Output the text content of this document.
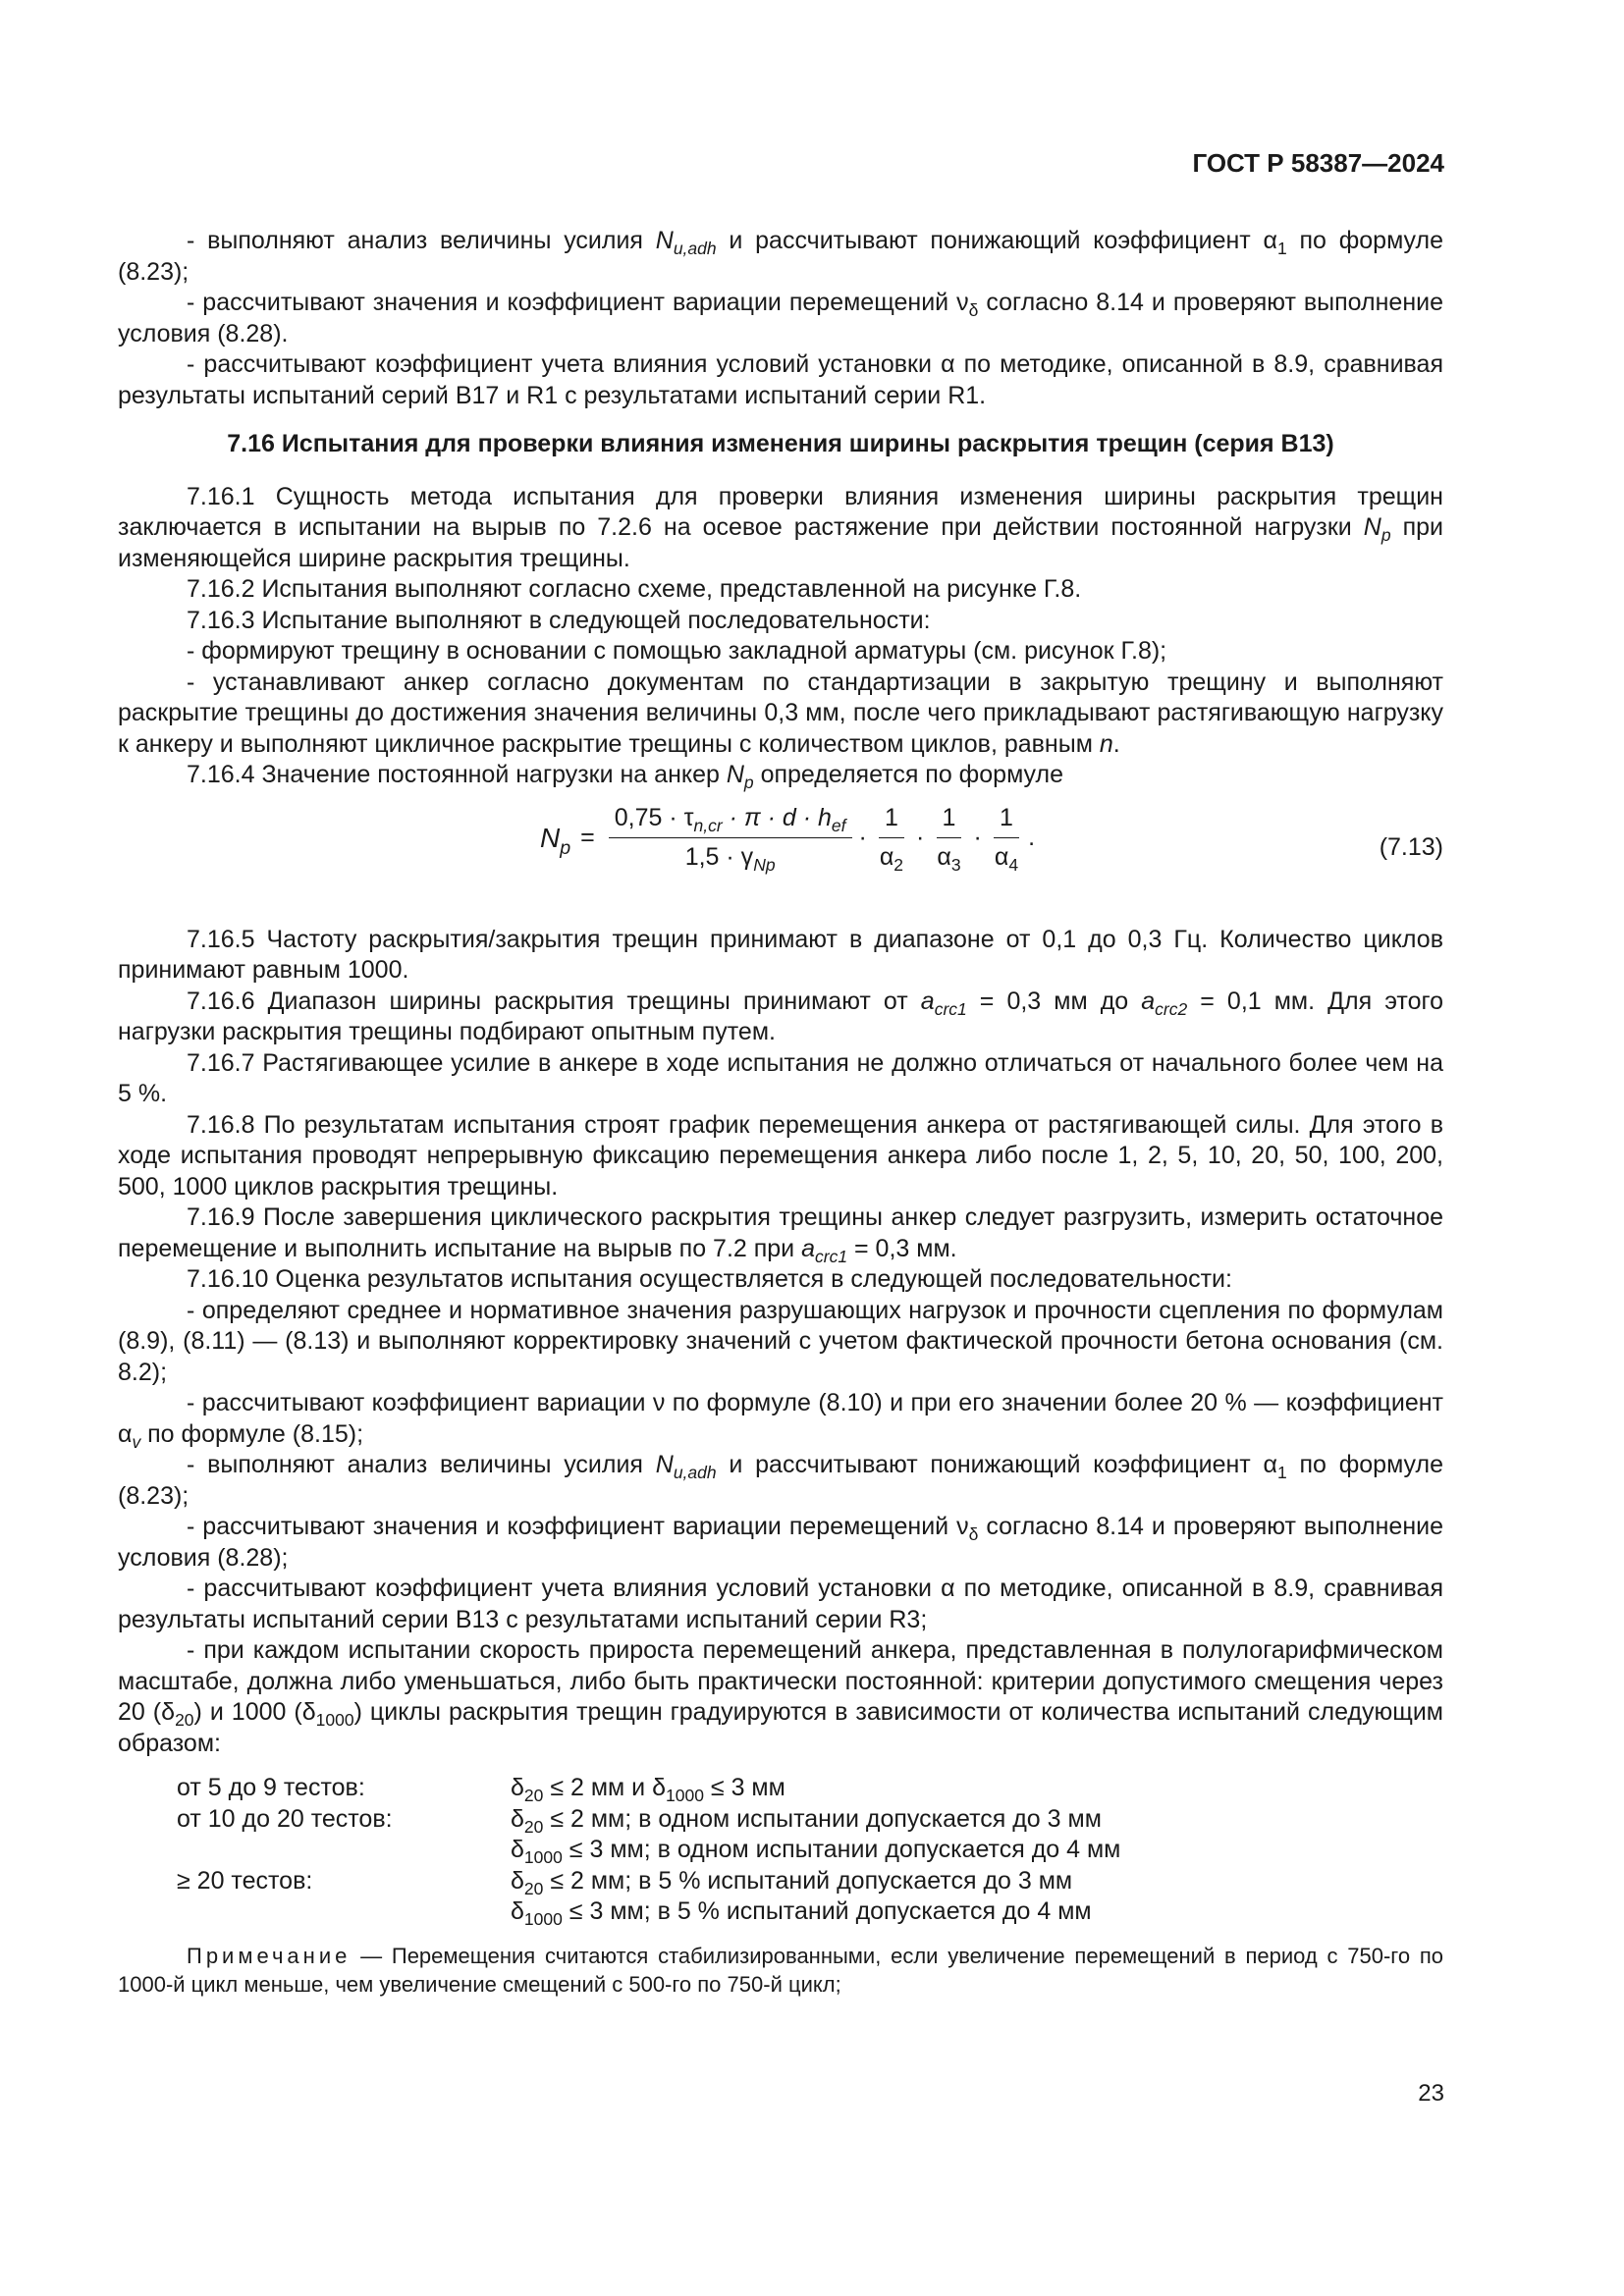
ГОСТ Р 58387—2024

- выполняют анализ величины усилия $N_{u,adh}$ и рассчитывают понижающий коэффициент $\alpha_1$ по формуле (8.23);

- рассчитывают значения и коэффициент вариации перемещений $\nu_\delta$ согласно 8.14 и проверяют выполнение условия (8.28).

- рассчитывают коэффициент учета влияния условий установки α по методике, описанной в 8.9, сравнивая результаты испытаний серий В17 и R1 с результатами испытаний серии R1.

7.16 Испытания для проверки влияния изменения ширины раскрытия трещин (серия В13)

7.16.1 Сущность метода испытания для проверки влияния изменения ширины раскрытия трещин заключается в испытании на вырыв по 7.2.6 на осевое растяжение при действии постоянной нагрузки $N_p$ при изменяющейся ширине раскрытия трещины.

7.16.2 Испытания выполняют согласно схеме, представленной на рисунке Г.8.

7.16.3 Испытание выполняют в следующей последовательности:

- формируют трещину в основании с помощью закладной арматуры (см. рисунок Г.8);

- устанавливают анкер согласно документам по стандартизации в закрытую трещину и выполняют раскрытие трещины до достижения значения величины 0,3 мм, после чего прикладывают растягивающую нагрузку к анкеру и выполняют цикличное раскрытие трещины с количеством циклов, равным n.

7.16.4 Значение постоянной нагрузки на анкер $N_p$ определяется по формуле

$N_p = \frac{0,75 \cdot \tau_{n,cr} \cdot \pi \cdot d \cdot h_{ef}}{1,5 \cdot \gamma_{Np}} \cdot \frac{1}{\alpha_2} \cdot \frac{1}{\alpha_3} \cdot \frac{1}{\alpha_4}$ .	(7.13)

7.16.5 Частоту раскрытия/закрытия трещин принимают в диапазоне от 0,1 до 0,3 Гц. Количество циклов принимают равным 1000.

7.16.6 Диапазон ширины раскрытия трещины принимают от $a_{crc1} = 0,3$ мм до $a_{crc2} = 0,1$ мм. Для этого нагрузки раскрытия трещины подбирают опытным путем.

7.16.7 Растягивающее усилие в анкере в ходе испытания не должно отличаться от начального более чем на 5 %.

7.16.8 По результатам испытания строят график перемещения анкера от растягивающей силы. Для этого в ходе испытания проводят непрерывную фиксацию перемещения анкера либо после 1, 2, 5, 10, 20, 50, 100, 200, 500, 1000 циклов раскрытия трещины.

7.16.9 После завершения циклического раскрытия трещины анкер следует разгрузить, измерить остаточное перемещение и выполнить испытание на вырыв по 7.2 при $a_{crc1} = 0,3$ мм.

7.16.10 Оценка результатов испытания осуществляется в следующей последовательности:

- определяют среднее и нормативное значения разрушающих нагрузок и прочности сцепления по формулам (8.9), (8.11) — (8.13) и выполняют корректировку значений с учетом фактической прочности бетона основания (см. 8.2);

- рассчитывают коэффициент вариации ν по формуле (8.10) и при его значении более 20 % — коэффициент $\alpha_v$ по формуле (8.15);

- выполняют анализ величины усилия $N_{u,adh}$ и рассчитывают понижающий коэффициент $\alpha_1$ по формуле (8.23);

- рассчитывают значения и коэффициент вариации перемещений $\nu_\delta$ согласно 8.14 и проверяют выполнение условия (8.28);

- рассчитывают коэффициент учета влияния условий установки α по методике, описанной в 8.9, сравнивая результаты испытаний серии В13 с результатами испытаний серии R3;

- при каждом испытании скорость прироста перемещений анкера, представленная в полулогарифмическом масштабе, должна либо уменьшаться, либо быть практически постоянной: критерии допустимого смещения через 20 $(\delta_{20})$ и 1000 $(\delta_{1000})$ циклы раскрытия трещин градуируются в зависимости от количества испытаний следующим образом:

от 5 до 9 тестов:	$\delta_{20} \le 2$ мм и $\delta_{1000} \le 3$ мм
от 10 до 20 тестов:	$\delta_{20} \le 2$ мм; в одном испытании допускается до 3 мм
$\delta_{1000} \le 3$ мм; в одном испытании допускается до 4 мм
≥ 20 тестов:	$\delta_{20} \le 2$ мм; в 5 % испытаний допускается до 3 мм
$\delta_{1000} \le 3$ мм; в 5 % испытаний допускается до 4 мм
Примечание — Перемещения считаются стабилизированными, если увеличение перемещений в период с 750-го по 1000-й цикл меньше, чем увеличение смещений с 500-го по 750-й цикл;
23
